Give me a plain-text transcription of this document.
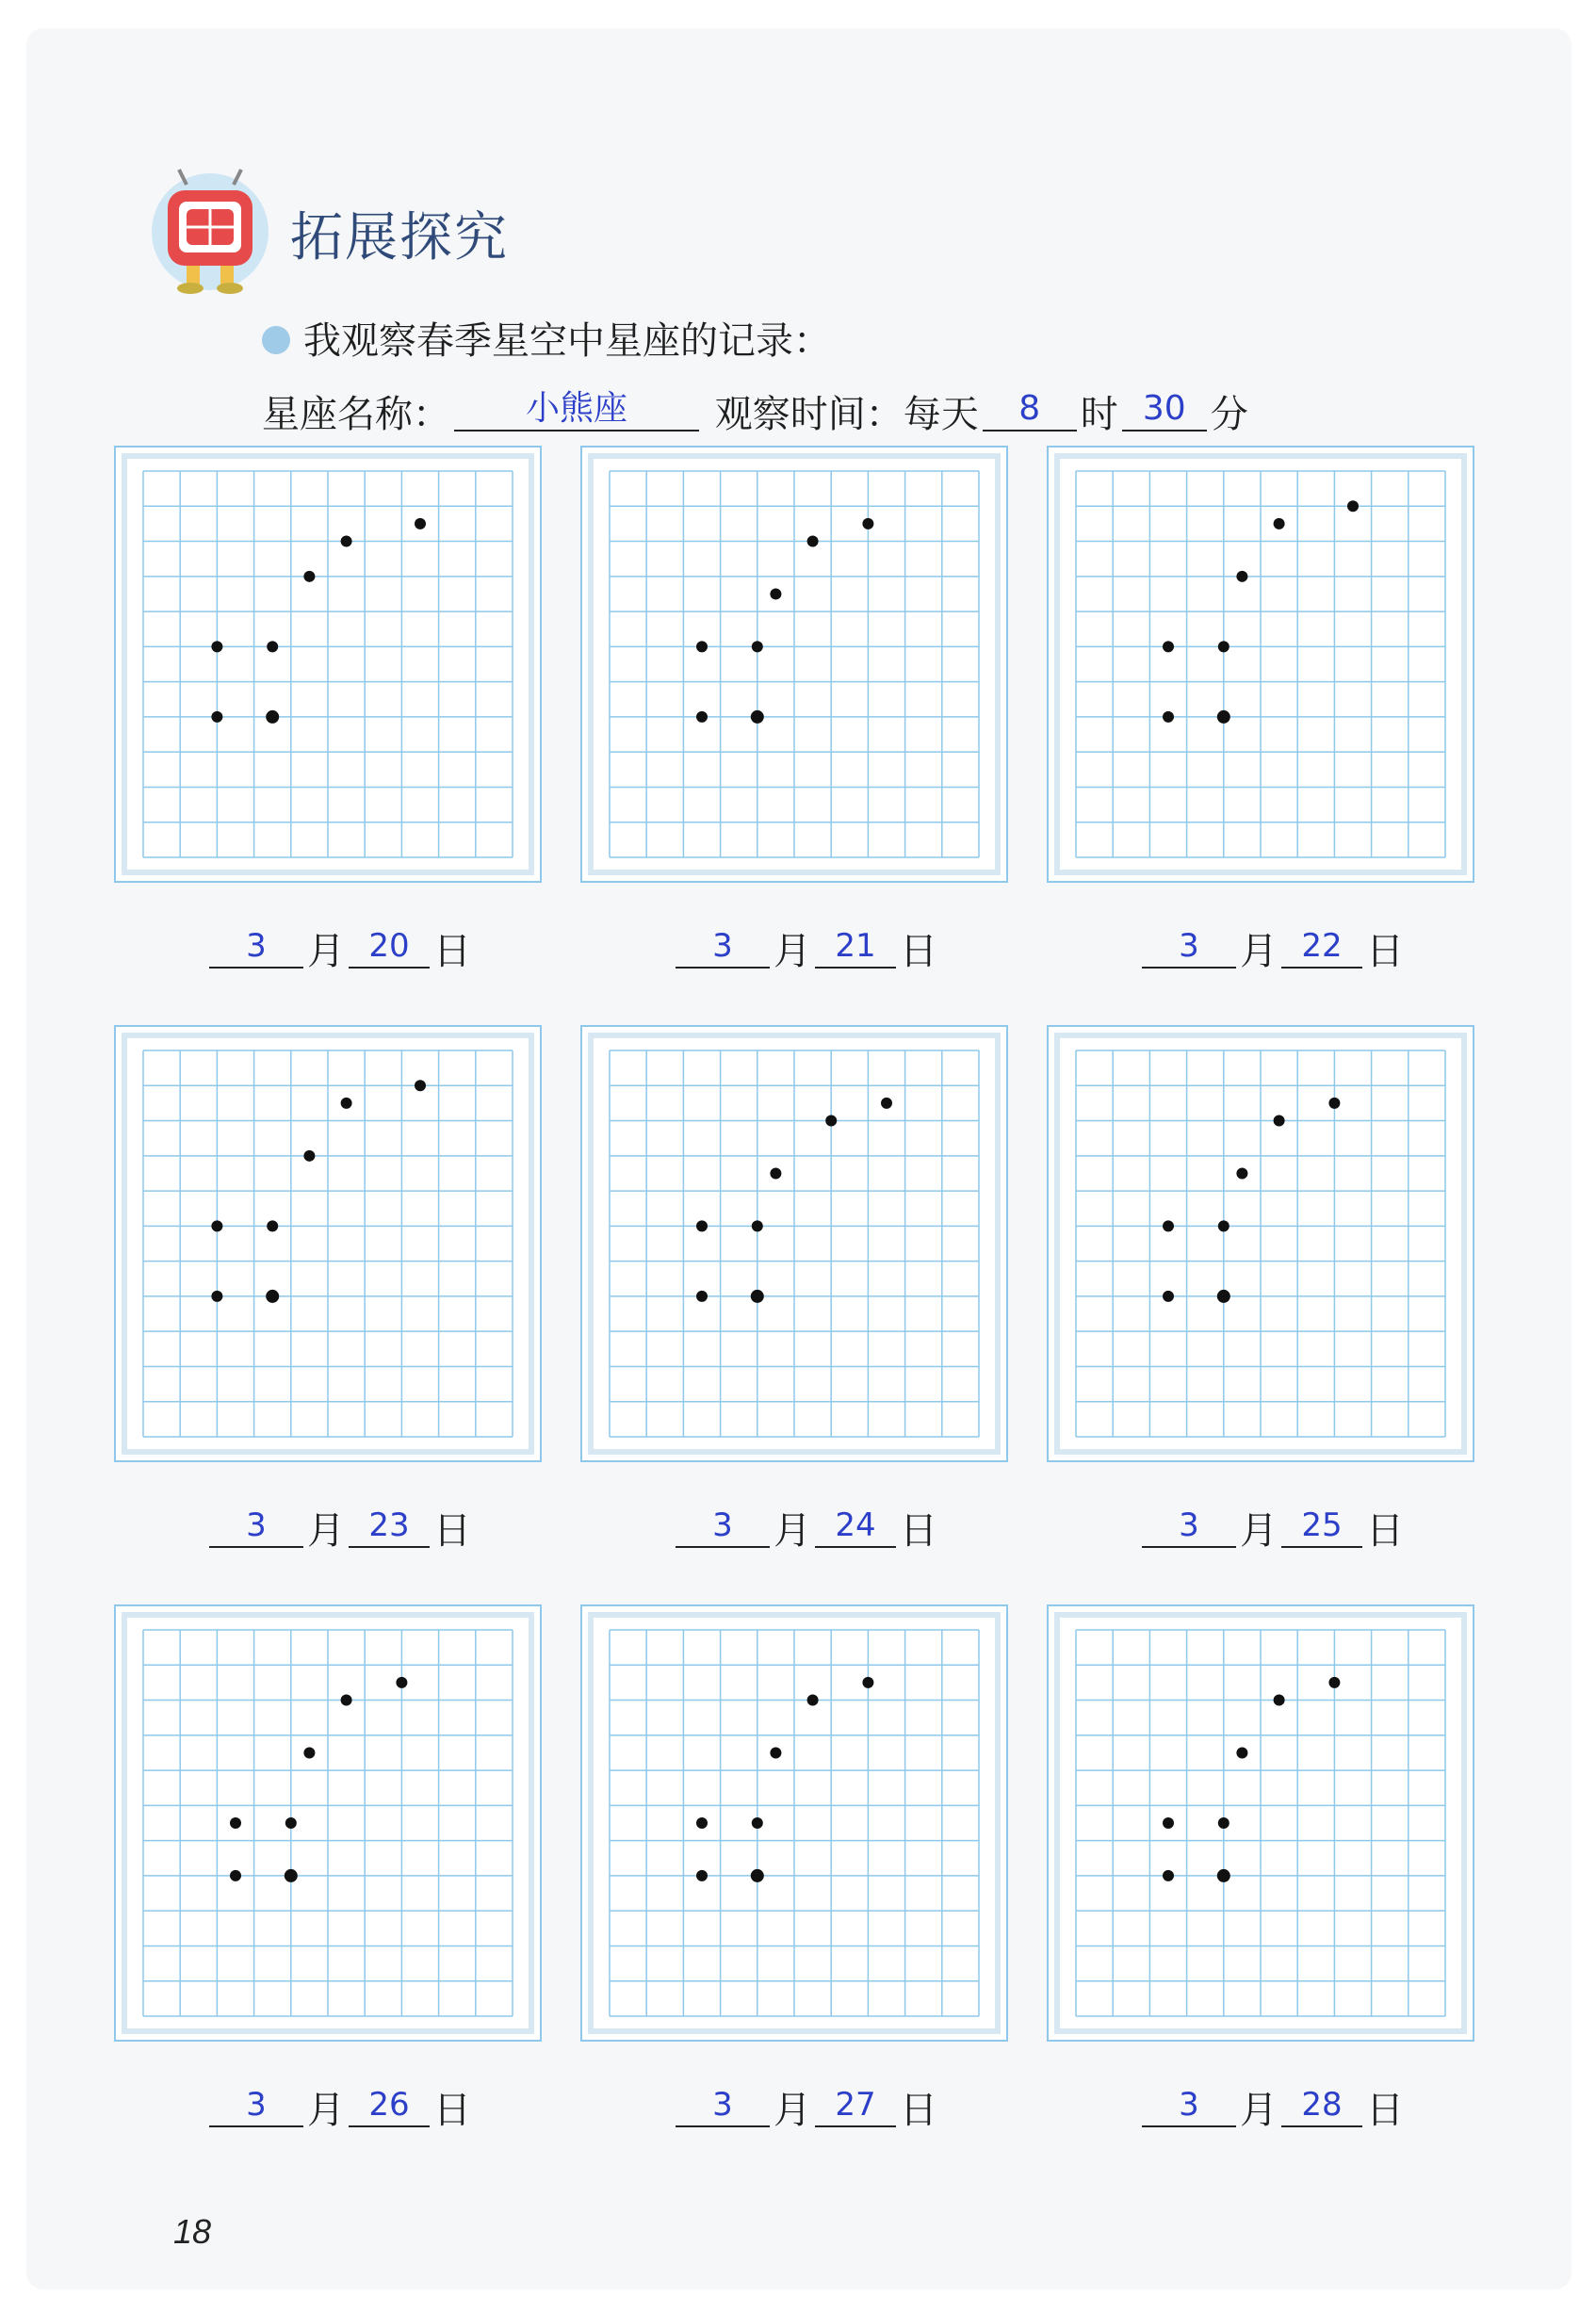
拓展探究
我观察春季星空中星座的记录：
星座名称： 小熊座 观察时间：每天 8 时 30 分
3 月 20 日	3 月 21 日	3 月 22 日
3 月 23 日	3 月 24 日	3 月 25 日
3 月 26 日	3 月 27 日	3 月 28 日
18
